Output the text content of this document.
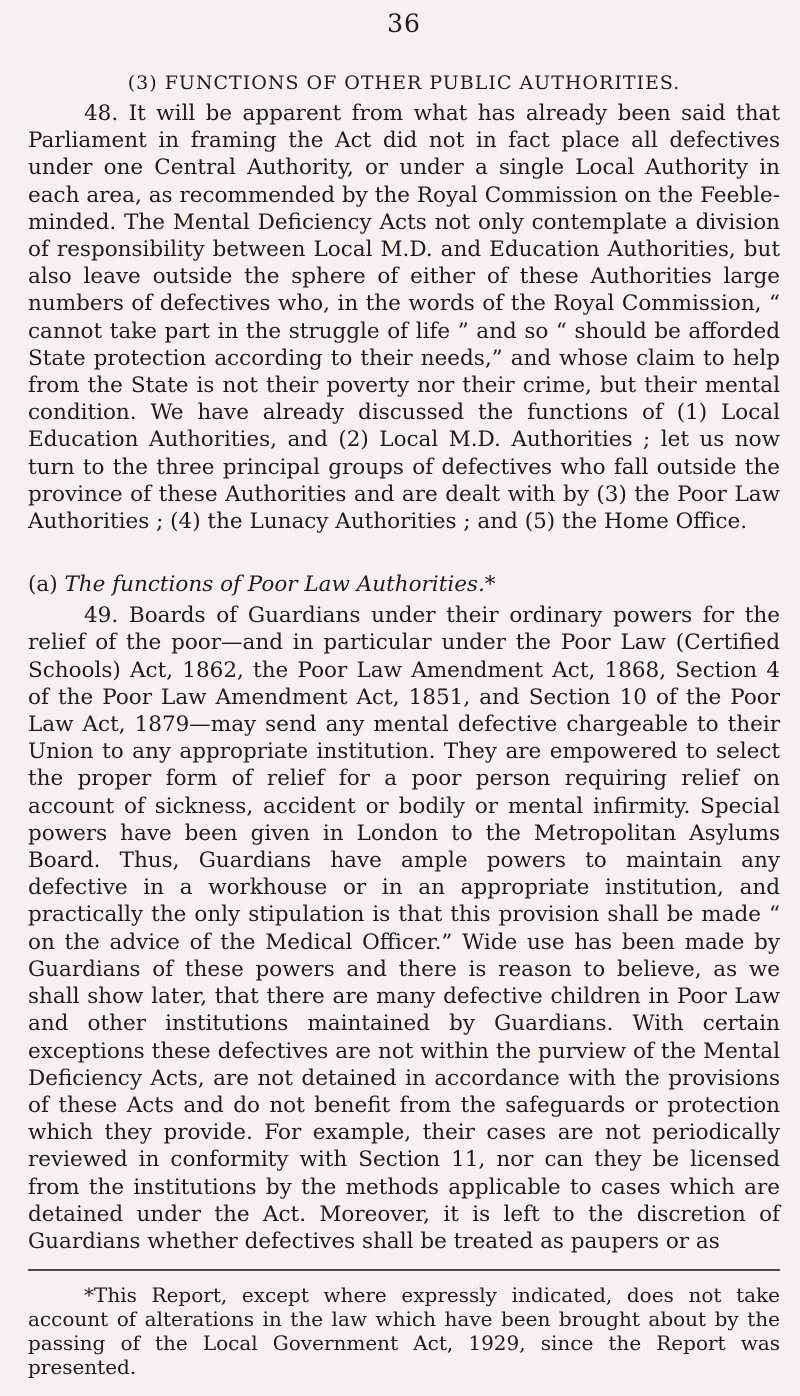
36
(3) FUNCTIONS OF OTHER PUBLIC AUTHORITIES.

48. It will be apparent from what has already been said that Parliament in framing the Act did not in fact place all defectives under one Central Authority, or under a single Local Authority in each area, as recommended by the Royal Commission on the Feeble-minded. The Mental Deficiency Acts not only contemplate a division of responsibility between Local M.D. and Education Authorities, but also leave outside the sphere of either of these Authorities large numbers of defectives who, in the words of the Royal Commission, “ cannot take part in the struggle of life ” and so “ should be afforded State protection according to their needs,” and whose claim to help from the State is not their poverty nor their crime, but their mental condition. We have already discussed the functions of (1) Local Education Authorities, and (2) Local M.D. Authorities ; let us now turn to the three principal groups of defectives who fall outside the province of these Authorities and are dealt with by (3) the Poor Law Authorities ; (4) the Lunacy Authorities ; and (5) the Home Office.

(a) The functions of Poor Law Authorities.*

49. Boards of Guardians under their ordinary powers for the relief of the poor—and in particular under the Poor Law (Certified Schools) Act, 1862, the Poor Law Amendment Act, 1868, Section 4 of the Poor Law Amendment Act, 1851, and Section 10 of the Poor Law Act, 1879—may send any mental defective chargeable to their Union to any appropriate institution. They are empowered to select the proper form of relief for a poor person requiring relief on account of sickness, accident or bodily or mental infirmity. Special powers have been given in London to the Metropolitan Asylums Board. Thus, Guardians have ample powers to maintain any defective in a workhouse or in an appropriate institution, and practically the only stipulation is that this provision shall be made “ on the advice of the Medical Officer.” Wide use has been made by Guardians of these powers and there is reason to believe, as we shall show later, that there are many defective children in Poor Law and other institutions maintained by Guardians. With certain exceptions these defectives are not within the purview of the Mental Deficiency Acts, are not detained in accordance with the provisions of these Acts and do not benefit from the safeguards or protection which they provide. For example, their cases are not periodically reviewed in conformity with Section 11, nor can they be licensed from the institutions by the methods applicable to cases which are detained under the Act. Moreover, it is left to the discretion of Guardians whether defectives shall be treated as paupers or as

*This Report, except where expressly indicated, does not take account of alterations in the law which have been brought about by the passing of the Local Government Act, 1929, since the Report was presented.
